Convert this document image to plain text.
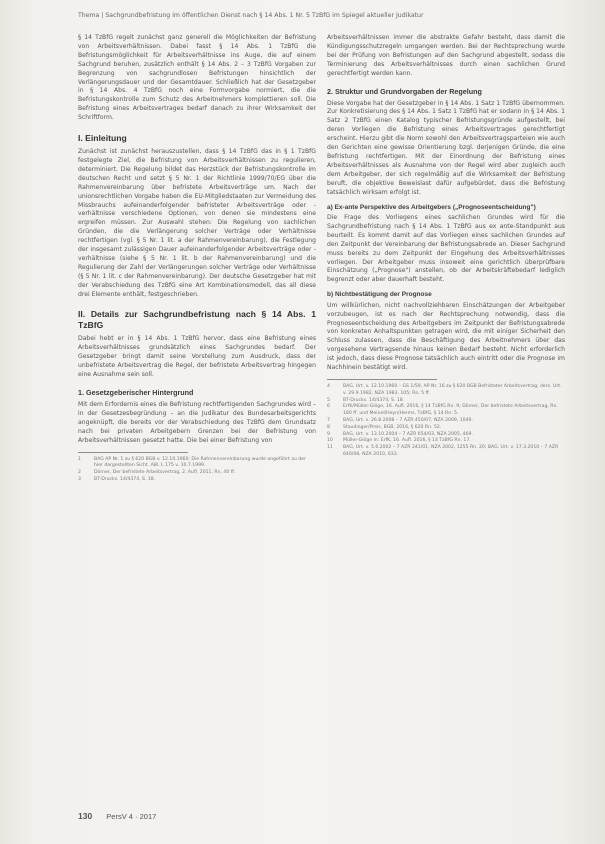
Thema | Sachgrundbefristung im öffentlichen Dienst nach § 14 Abs. 1 Nr. 5 TzBfG im Spiegel aktueller Judikatur

§ 14 TzBfG regelt zunächst ganz generell die Möglichkeiten der Befristung von Arbeitsverhältnissen. Dabei fasst § 14 Abs. 1 TzBfG die Befristungsmöglichkeit für Arbeitsverhältnisse ins Auge, die auf einem Sachgrund beruhen, zusätzlich enthält § 14 Abs. 2 – 3 TzBfG Vorgaben zur Begrenzung von sachgrundlosen Befristungen hinsichtlich der Verlängerungsdauer und der Gesamtdauer. Schließlich hat der Gesetzgeber in § 14 Abs. 4 TzBfG noch eine Formvorgabe normiert, die die Befristungskontrolle zum Schutz des Arbeitnehmers komplettieren soll. Die Befristung eines Arbeitsvertrages bedarf danach zu ihrer Wirksamkeit der Schriftform.

I. Einleitung

Zunächst ist zunächst herauszustellen, dass § 14 TzBfG das in § 1 TzBfG festgelegte Ziel, die Befristung von Arbeitsverhältnissen zu regulieren, determiniert. Die Regelung bildet das Herzstück der Befristungskontrolle im deutschen Recht und setzt § 5 Nr. 1 der Richtlinie 1999/70/EG über die Rahmenvereinbarung über befristete Arbeitsverträge um. Nach der unionsrechtlichen Vorgabe haben die EU-Mitgliedstaaten zur Vermeidung des Missbrauchs aufeinanderfolgender befristeter Arbeitsverträge oder -verhältnisse verschiedene Optionen, von denen sie mindestens eine ergreifen müssen. Zur Auswahl stehen: Die Regelung von sachlichen Gründen, die die Verlängerung solcher Verträge oder Verhältnisse rechtfertigen (vgl. § 5 Nr. 1 lit. a der Rahmenvereinbarung), die Festlegung der insgesamt zulässigen Dauer aufeinanderfolgender Arbeitsverträge oder -verhältnisse (siehe § 5 Nr. 1 lit. b der Rahmenvereinbarung) und die Regulierung der Zahl der Verlängerungen solcher Verträge oder Verhältnisse (§ 5 Nr. 1 lit. c der Rahmenvereinbarung). Der deutsche Gesetzgeber hat mit der Verabschiedung des TzBfG eine Art Kombinationsmodell, das all diese drei Elemente enthält, festgeschrieben.

II. Details zur Sachgrundbefristung nach § 14 Abs. 1 TzBfG

Dabei hebt er in § 14 Abs. 1 TzBfG hervor, dass eine Befristung eines Arbeitsverhältnisses grundsätzlich eines Sachgrundes bedarf. Der Gesetzgeber bringt damit seine Vorstellung zum Ausdruck, dass der unbefristete Arbeitsvertrag die Regel, der befristete Arbeitsvertrag hingegen eine Ausnahme sein soll.

1. Gesetzgeberischer Hintergrund

Mit dem Erfordernis eines die Befristung rechtfertigenden Sachgrundes wird – in der Gesetzesbegründung – an die Judikatur des Bundesarbeitsgerichts angeknüpft, die bereits vor der Verabschiedung des TzBfG dem Grundsatz nach bei privaten Arbeitgebern Grenzen bei der Befristung von Arbeitsverhältnissen gesetzt hatte. Die bei einer Befristung von

1	BAG AP Nr. 1 zu § 620 BGB v. 12.10.1960: Die Rahmenvereinbarung wurde angeführt zu der hier dargestellten Sicht. ABl. L 175 v. 10.7.1999.
2	Dörner, Der befristete Arbeitsvertrag, 2. Aufl. 2011, Rn. 40 ff.
3	BT-Drucks. 14/4374, S. 18.

Arbeitsverhältnissen immer die abstrakte Gefahr besteht, dass damit die Kündigungsschutzregeln umgangen werden. Bei der Rechtsprechung wurde bei der Prüfung von Befristungen auf den Sachgrund abgestellt, sodass die Terminierung des Arbeitsverhältnisses durch einen sachlichen Grund gerechtfertigt werden kann.

2. Struktur und Grundvorgaben der Regelung

Diese Vorgabe hat der Gesetzgeber in § 14 Abs. 1 Satz 1 TzBfG übernommen. Zur Konkretisierung des § 14 Abs. 1 Satz 1 TzBfG hat er sodann in § 14 Abs. 1 Satz 2 TzBfG einen Katalog typischer Befristungsgründe aufgestellt, bei deren Vorliegen die Befristung eines Arbeitsvertrages gerechtfertigt erscheint. Hierzu gibt die Norm sowohl den Arbeitsvertragsparteien wie auch den Gerichten eine gewisse Orientierung bzgl. derjenigen Gründe, die eine Befristung rechtfertigen. Mit der Einordnung der Befristung eines Arbeitsverhältnisses als Ausnahme von der Regel wird aber zugleich auch dem Arbeitgeber, der sich regelmäßig auf die Wirksamkeit der Befristung beruft, die objektive Beweislast dafür aufgebürdet, dass die Befristung tatsächlich wirksam erfolgt ist.

a) Ex-ante Perspektive des Arbeitgebers („Prognoseentscheidung")

Die Frage des Vorliegens eines sachlichen Grundes wird für die Sachgrundbefristung nach § 14 Abs. 1 TzBfG aus ex ante-Standpunkt aus beurteilt. Es kommt damit auf das Vorliegen eines sachlichen Grundes auf den Zeitpunkt der Vereinbarung der Befristungsabrede an. Dieser Sachgrund muss bereits zu dem Zeitpunkt der Eingehung des Arbeitsverhältnisses vorliegen. Der Arbeitgeber muss insoweit eine gerichtlich überprüfbare Einschätzung („Prognose") anstellen, ob der Arbeitskräftebedarf lediglich begrenzt oder aber dauerhaft besteht.

b) Nichtbestätigung der Prognose

Um willkürlichen, nicht nachvollziehbaren Einschätzungen der Arbeitgeber vorzubeugen, ist es nach der Rechtsprechung notwendig, dass die Prognoseentscheidung des Arbeitgebers im Zeitpunkt der Befristungsabrede von konkreten Anhaltspunkten getragen wird, die mit einiger Sicherheit den Schluss zulassen, dass die Beschäftigung des Arbeitnehmers über das vorgesehene Vertragsende hinaus keinen Bedarf besteht. Nicht erforderlich ist jedoch, dass diese Prognose tatsächlich auch eintritt oder die Prognose im Nachhinein bestätigt wird.

4	BAG, Urt. v. 12.10.1960 – GS 1/59, AP Nr. 16 zu § 620 BGB Befristeter Arbeitsvertrag; ders. Urt. v. 29.9.1982, NZA 1983, 105; Rn. 5 ff.
5	BT-Drucks. 14/4374, S. 18.
6	ErfK/Müller-Glöge, 16. Aufl. 2016, § 14 TzBfG Rn. 9; Dörner, Der befristete Arbeitsvertrag, Rn. 180 ff. und Meinel/Heyn/Herms, TzBfG, § 14 Rn. 5.
7	BAG, Urt. v. 26.8.2008 – 7 AZR 450/07, NZA 2009, 1049.
8	Staudinger/Preis, BGB, 2016, § 620 Rn. 52.
9	BAG, Urt. v. 13.10.2004 – 7 AZR 654/03, NZA 2005, 469.
10	Müller-Glöge in: ErfK, 16. Aufl. 2016, § 14 TzBfG Rn. 17.
11	BAG, Urt. v. 5.6.2002 – 7 AZR 241/01, NZA 2002, 1255 Rn. 20; BAG, Urt. v. 17.3.2010 – 7 AZR 640/08, NZA 2010, 633.
130 PersV 4 · 2017
